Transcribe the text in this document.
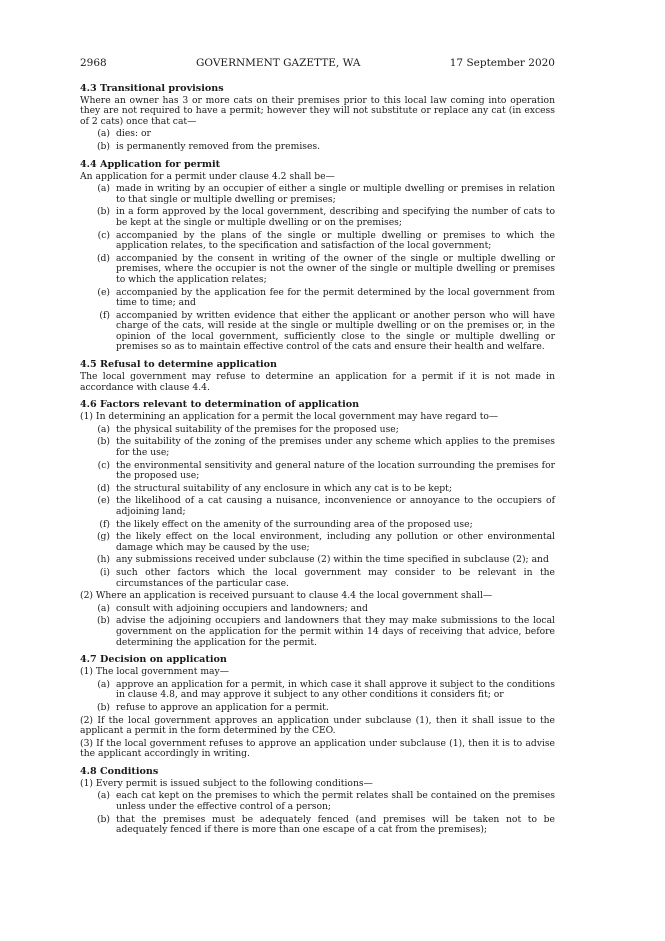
2968	GOVERNMENT GAZETTE, WA	17 September 2020
4.3 Transitional provisions

Where an owner has 3 or more cats on their premises prior to this local law coming into operation they are not required to have a permit; however they will not substitute or replace any cat (in excess of 2 cats) once that cat—

(a) dies: or
(b) is permanently removed from the premises.
4.4 Application for permit

An application for a permit under clause 4.2 shall be—

(a) made in writing by an occupier of either a single or multiple dwelling or premises in relation to that single or multiple dwelling or premises;
(b) in a form approved by the local government, describing and specifying the number of cats to be kept at the single or multiple dwelling or on the premises;
(c) accompanied by the plans of the single or multiple dwelling or premises to which the application relates, to the specification and satisfaction of the local government;
(d) accompanied by the consent in writing of the owner of the single or multiple dwelling or premises, where the occupier is not the owner of the single or multiple dwelling or premises to which the application relates;
(e) accompanied by the application fee for the permit determined by the local government from time to time; and
(f) accompanied by written evidence that either the applicant or another person who will have charge of the cats, will reside at the single or multiple dwelling or on the premises or, in the opinion of the local government, sufficiently close to the single or multiple dwelling or premises so as to maintain effective control of the cats and ensure their health and welfare.
4.5 Refusal to determine application

The local government may refuse to determine an application for a permit if it is not made in accordance with clause 4.4.

4.6 Factors relevant to determination of application

(1) In determining an application for a permit the local government may have regard to—

(a) the physical suitability of the premises for the proposed use;
(b) the suitability of the zoning of the premises under any scheme which applies to the premises for the use;
(c) the environmental sensitivity and general nature of the location surrounding the premises for the proposed use;
(d) the structural suitability of any enclosure in which any cat is to be kept;
(e) the likelihood of a cat causing a nuisance, inconvenience or annoyance to the occupiers of adjoining land;
(f) the likely effect on the amenity of the surrounding area of the proposed use;
(g) the likely effect on the local environment, including any pollution or other environmental damage which may be caused by the use;
(h) any submissions received under subclause (2) within the time specified in subclause (2); and
(i) such other factors which the local government may consider to be relevant in the circumstances of the particular case.

(2) Where an application is received pursuant to clause 4.4 the local government shall—

(a) consult with adjoining occupiers and landowners; and
(b) advise the adjoining occupiers and landowners that they may make submissions to the local government on the application for the permit within 14 days of receiving that advice, before determining the application for the permit.
4.7 Decision on application

(1) The local government may—

(a) approve an application for a permit, in which case it shall approve it subject to the conditions in clause 4.8, and may approve it subject to any other conditions it considers fit; or
(b) refuse to approve an application for a permit.

(2) If the local government approves an application under subclause (1), then it shall issue to the applicant a permit in the form determined by the CEO.

(3) If the local government refuses to approve an application under subclause (1), then it is to advise the applicant accordingly in writing.

4.8 Conditions

(1) Every permit is issued subject to the following conditions—

(a) each cat kept on the premises to which the permit relates shall be contained on the premises unless under the effective control of a person;
(b) that the premises must be adequately fenced (and premises will be taken not to be adequately fenced if there is more than one escape of a cat from the premises);
